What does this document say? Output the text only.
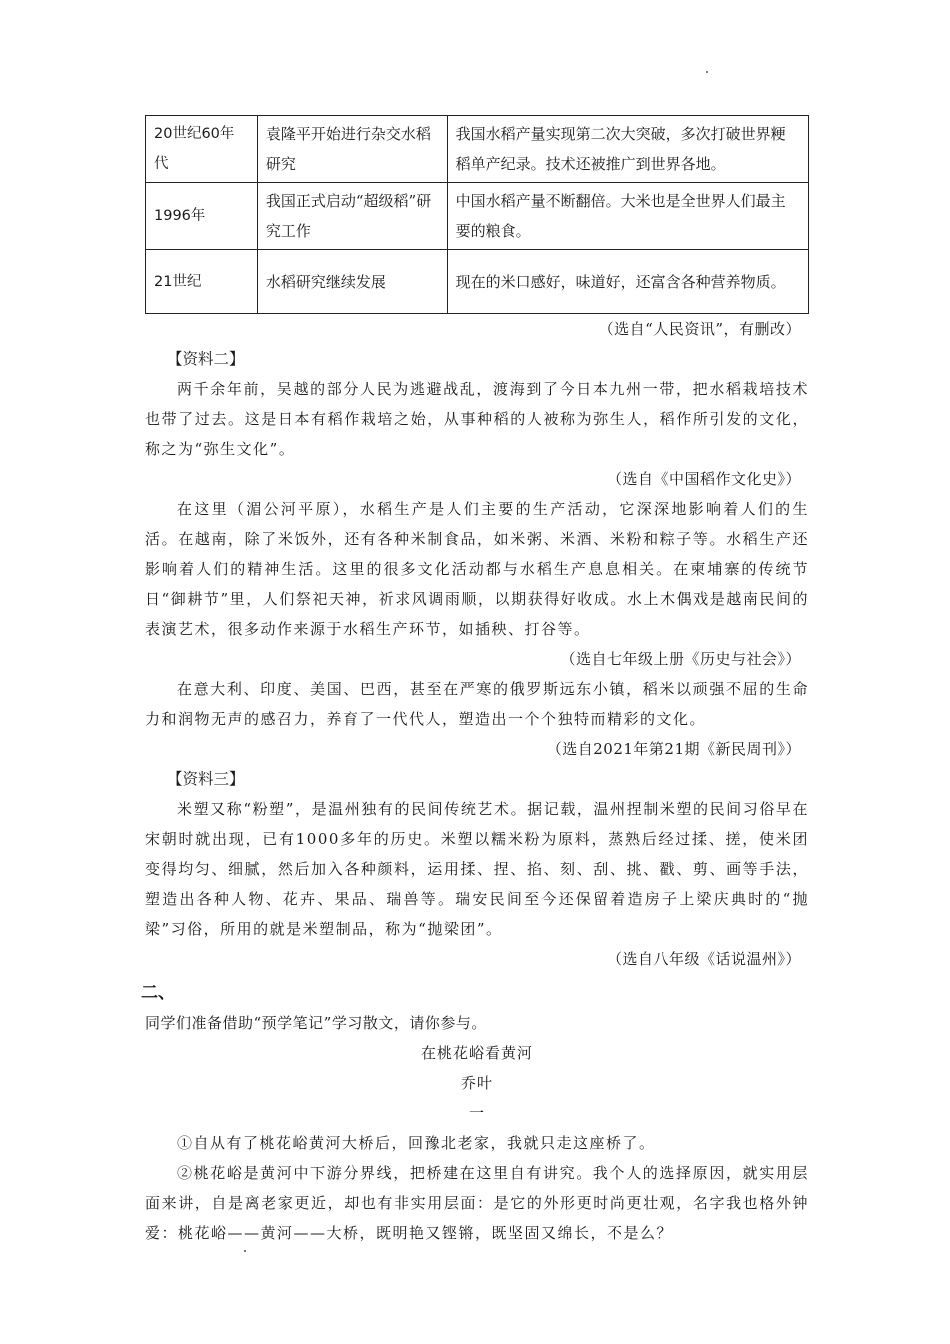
20世纪60年代	袁隆平开始进行杂交水稻研究	我国水稻产量实现第二次大突破，多次打破世界粳稻单产纪录。技术还被推广到世界各地。
1996年	我国正式启动“超级稻”研究工作	中国水稻产量不断翻倍。大米也是全世界人们最主要的粮食。
21世纪	水稻研究继续发展	现在的米口感好，味道好，还富含各种营养物质。

（选自“人民资讯”，有删改）

【资料二】

两千余年前，吴越的部分人民为逃避战乱，渡海到了今日本九州一带，把水稻栽培技术也带了过去。这是日本有稻作栽培之始，从事种稻的人被称为弥生人，稻作所引发的文化，称之为“弥生文化”。

（选自《中国稻作文化史》）

在这里（湄公河平原），水稻生产是人们主要的生产活动，它深深地影响着人们的生活。在越南，除了米饭外，还有各种米制食品，如米粥、米酒、米粉和粽子等。水稻生产还影响着人们的精神生活。这里的很多文化活动都与水稻生产息息相关。在柬埔寨的传统节日“御耕节”里，人们祭祀天神，祈求风调雨顺，以期获得好收成。水上木偶戏是越南民间的表演艺术，很多动作来源于水稻生产环节，如插秧、打谷等。

（选自七年级上册《历史与社会》）

在意大利、印度、美国、巴西，甚至在严寒的俄罗斯远东小镇，稻米以顽强不屈的生命力和润物无声的感召力，养育了一代代人，塑造出一个个独特而精彩的文化。

（选自2021年第21期《新民周刊》）

【资料三】

米塑又称“粉塑”，是温州独有的民间传统艺术。据记载，温州捏制米塑的民间习俗早在宋朝时就出现，已有1000多年的历史。米塑以糯米粉为原料，蒸熟后经过揉、搓，使米团变得均匀、细腻，然后加入各种颜料，运用揉、捏、掐、刻、刮、挑、戳、剪、画等手法，塑造出各种人物、花卉、果品、瑞兽等。瑞安民间至今还保留着造房子上梁庆典时的“抛梁”习俗，所用的就是米塑制品，称为“抛梁团”。

（选自八年级《话说温州》）

二、

同学们准备借助“预学笔记”学习散文，请你参与。

在桃花峪看黄河

乔叶

一

①自从有了桃花峪黄河大桥后，回豫北老家，我就只走这座桥了。

②桃花峪是黄河中下游分界线，把桥建在这里自有讲究。我个人的选择原因，就实用层面来讲，自是离老家更近，却也有非实用层面：是它的外形更时尚更壮观，名字我也格外钟爱：桃花峪——黄河——大桥，既明艳又铿锵，既坚固又绵长，不是么？
